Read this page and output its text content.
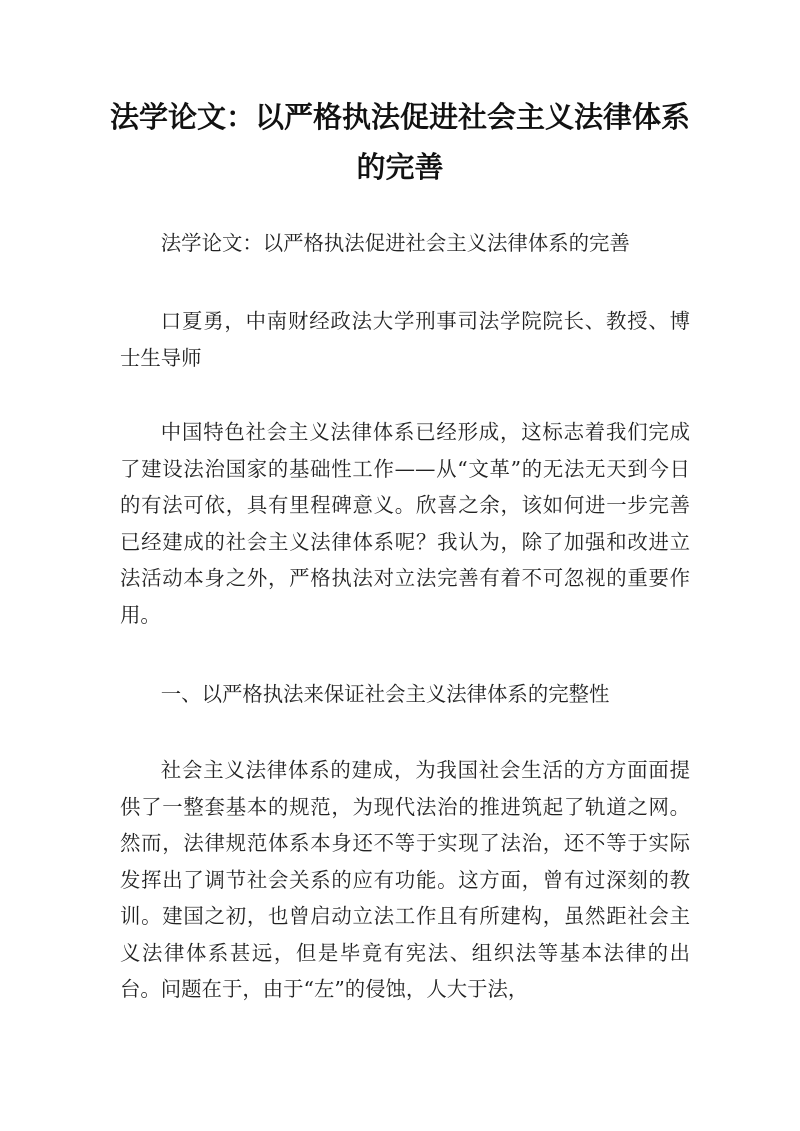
法学论文：以严格执法促进社会主义法律体系的完善

法学论文：以严格执法促进社会主义法律体系的完善

口夏勇，中南财经政法大学刑事司法学院院长、教授、博士生导师

中国特色社会主义法律体系已经形成，这标志着我们完成了建设法治国家的基础性工作——从“文革”的无法无天到今日的有法可依，具有里程碑意义。欣喜之余，该如何进一步完善已经建成的社会主义法律体系呢？我认为，除了加强和改进立法活动本身之外，严格执法对立法完善有着不可忽视的重要作用。

一、以严格执法来保证社会主义法律体系的完整性

社会主义法律体系的建成，为我国社会生活的方方面面提供了一整套基本的规范，为现代法治的推进筑起了轨道之网。然而，法律规范体系本身还不等于实现了法治，还不等于实际发挥出了调节社会关系的应有功能。这方面，曾有过深刻的教训。建国之初，也曾启动立法工作且有所建构，虽然距社会主义法律体系甚远，但是毕竟有宪法、组织法等基本法律的出台。问题在于，由于“左”的侵蚀，人大于法，
